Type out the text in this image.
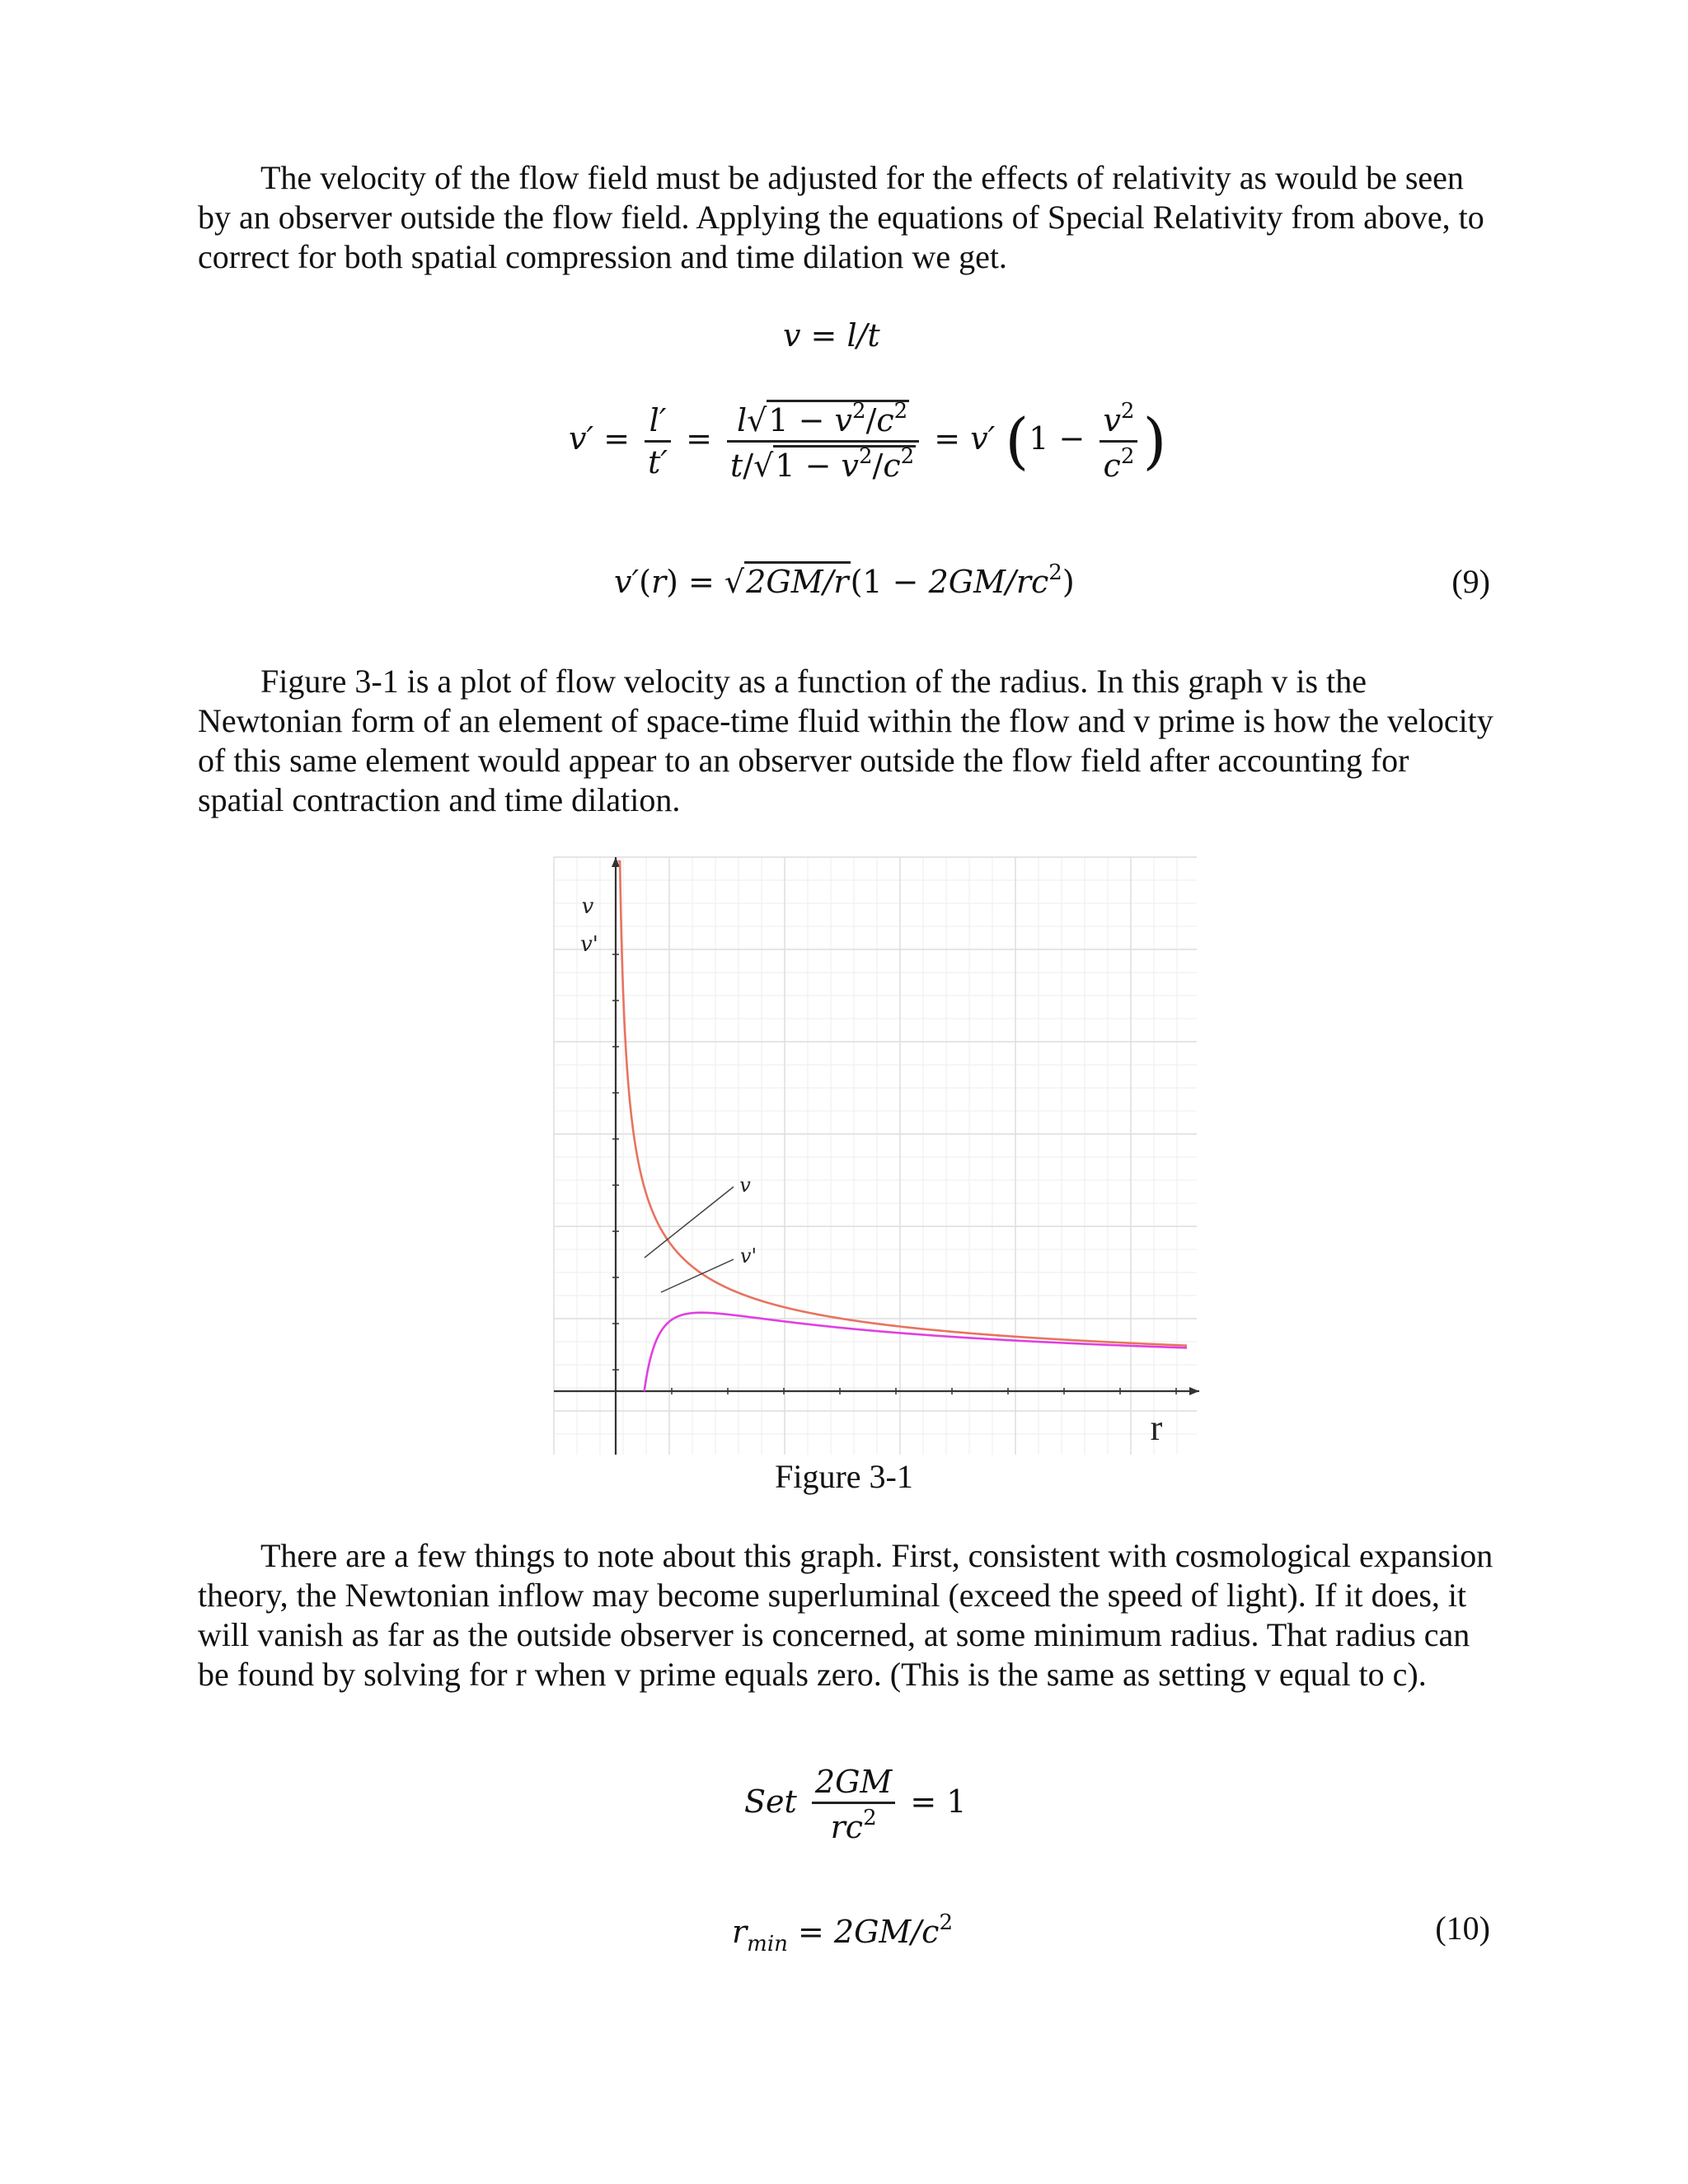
The velocity of the flow field must be adjusted for the effects of relativity as would be seen by an observer outside the flow field. Applying the equations of Special Relativity from above, to correct for both spatial compression and time dilation we get.

v = l/t
$v' = \frac{l'}{t'} = \frac{l√1 - v^2/c^2}{t/√1 - v^2/c^2} = v'$ ($1 - \frac{v^2}{c^2}$ )
$v'(r) = √2GM/r(1 - 2GM/rc^2)$	(9)

Figure 3-1 is a plot of flow velocity as a function of the radius. In this graph v is the Newtonian form of an element of space-time fluid within the flow and v prime is how the velocity of this same element would appear to an observer outside the flow field after accounting for spatial contraction and time dilation.

v
v'
r
v
v'
Figure 3-1

There are a few things to note about this graph. First, consistent with cosmological expansion theory, the Newtonian inflow may become superluminal (exceed the speed of light). If it does, it will vanish as far as the outside observer is concerned, at some minimum radius. That radius can be found by solving for r when v prime equals zero. (This is the same as setting v equal to c).

Set $\frac{2GM}{rc^2} = 1$
$r_{min} = 2GM/c^2$	(10)
